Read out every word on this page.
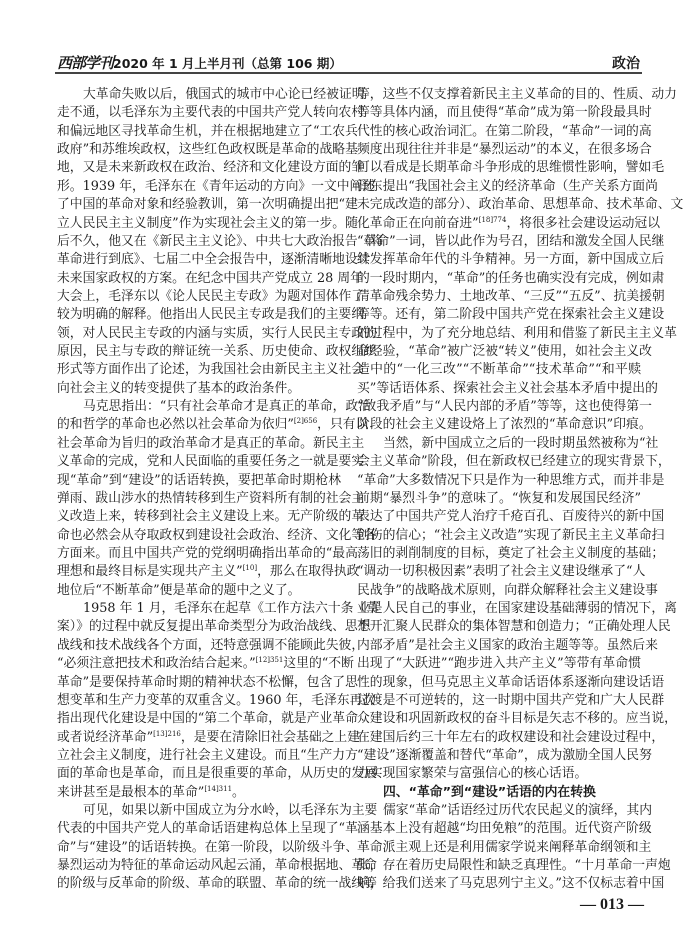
西部学刊 2020 年 1 月上半月刊（总第 106 期）	政治
大革命失败以后，俄国式的城市中心论已经被证明
走不通，以毛泽东为主要代表的中国共产党人转向农村
和偏远地区寻找革命生机，并在根据地建立了“工农兵
政府”和苏维埃政权，这些红色政权既是革命的战略基
地，又是未来新政权在政治、经济和文化建设方面的雏
形。1939 年，毛泽东在《青年运动的方向》一文中阐述
了中国的革命对象和经验教训，第一次明确提出把“建
立人民民主主义制度”作为实现社会主义的第一步。随
后不久，他又在《新民主主义论》、中共七大政治报告《将
革命进行到底》、七届二中全会报告中，逐渐清晰地设计
未来国家政权的方案。在纪念中国共产党成立 28 周年
大会上，毛泽东以《论人民民主专政》为题对国体作了
较为明确的解释。他指出人民民主专政是我们的主要纲
领，对人民民主专政的内涵与实质，实行人民民主专政的
原因，民主与专政的辩证统一关系、历史使命、政权组织
形式等方面作出了论述，为我国社会由新民主主义社会
向社会主义的转变提供了基本的政治条件。
马克思指出：“只有社会革命才是真正的革命，政治
的和哲学的革命也必然以社会革命为依归”$^{[2]656}$，只有以
社会革命为旨归的政治革命才是真正的革命。新民主主
义革命的完成，党和人民面临的重要任务之一就是要实
现“革命”到“建设”的话语转换，要把革命时期枪林
弹雨、跋山涉水的热情转移到生产资料所有制的社会主
义改造上来，转移到社会主义建设上来。无产阶级的革
命也必然会从夺取政权到建设社会政治、经济、文化等各
方面来。而且中国共产党的党纲明确指出革命的“最高
理想和最终目标是实现共产主义”[10]，那么在取得执政
地位后“不断革命”便是革命的题中之义了。
1958 年 1 月，毛泽东在起草《工作方法六十条（草
案）》的过程中就反复提出革命类型分为政治战线、思想
战线和技术战线各个方面，还特意强调不能顾此失彼，
“必须注意把技术和政治结合起来。”$^{[12]351}$这里的“不断
革命”是要保持革命时期的精神状态不松懈，包含了思
想变革和生产力变革的双重含义。1960 年，毛泽东再次
指出现代化建设是中国的“第二个革命，就是产业革命
或者说经济革命”$^{[13]216}$，是要在清除旧社会基础之上建
立社会主义制度，进行社会主义建设。而且“生产力方
面的革命也是革命，而且是很重要的革命，从历史的发展
来讲甚至是最根本的革命”$^{[14]311}$。
可见，如果以新中国成立为分水岭，以毛泽东为主要
代表的中国共产党人的革命话语建构总体上呈现了“革
命”与“建设”的话语转换。在第一阶段，以阶级斗争、
暴烈运动为特征的革命运动风起云涌，革命根据地、革命
的阶级与反革命的阶级、革命的联盟、革命的统一战线等
等，这些不仅支撑着新民主主义革命的目的、性质、动力
等等具体内涵，而且使得“革命”成为第一阶段最具时
代性的核心政治词汇。在第二阶段，“革命”一词的高
频度出现往往并非是“暴烈运动”的本义，在很多场合
可以看成是长期革命斗争形成的思维惯性影响，譬如毛
泽东提出“我国社会主义的经济革命（生产关系方面尚
未完成改造的部分）、政治革命、思想革命、技术革命、文
化革命正在向前奋进”$^{[18]774}$，将很多社会建设运动冠以
“革命”一词，皆以此作为号召，团结和激发全国人民继
续发挥革命年代的斗争精神。另一方面，新中国成立后
的一段时期内，“革命”的任务也确实没有完成，例如肃
清革命残余势力、土地改革、“三反”“五反”、抗美援朝
等等。还有，第二阶段中国共产党在探索社会主义建设
的过程中，为了充分地总结、利用和借鉴了新民主主义革
命经验，“革命”被广泛被“转义”使用，如社会主义改
造中的“一化三改”“不断革命”“技术革命”“和平赎
买”等话语体系、探索社会主义社会基本矛盾中提出的
“敌我矛盾”与“人民内部的矛盾”等等，这也使得第一
阶段的社会主义建设烙上了浓烈的“革命意识”印痕。
当然，新中国成立之后的一段时期虽然被称为“社
会主义革命”阶段，但在新政权已经建立的现实背景下，
“革命”大多数情况下只是作为一种思维方式，而并非是
前期“暴烈斗争”的意味了。“恢复和发展国民经济”
表达了中国共产党人治疗千疮百孔、百废待兴的新中国
创伤的信心；“社会主义改造”实现了新民主主义革命扫
荡旧的剥削制度的目标，奠定了社会主义制度的基础；
“调动一切积极因素”表明了社会主义建设继承了“人
民战争”的战略战术原则，向群众解释社会主义建设事
业是人民自己的事业，在国家建设基础薄弱的情况下，离
不开汇聚人民群众的集体智慧和创造力；“正确处理人民
内部矛盾”是社会主义国家的政治主题等等。虽然后来
出现了“大跃进”“跑步进入共产主义”等带有革命惯
性的现象，但马克思主义革命话语体系逐渐向建设话语
过渡是不可逆转的，这一时期中国共产党和广大人民群
众建设和巩固新政权的奋斗目标是矢志不移的。应当说，
在建国后约三十年左右的政权建设和社会建设过程中，
“建设”逐渐覆盖和替代“革命”，成为激励全国人民努
力实现国家繁荣与富强信心的核心话语。
四、“革命”到“建设”话语的内在转换
儒家“革命”话语经过历代农民起义的演绎，其内
涵基本上没有超越“均田免粮”的范围。近代资产阶级
革命派主观上还是利用儒家学说来阐释革命纲领和主
张，存在着历史局限性和缺乏真理性。“十月革命一声炮
响，给我们送来了马克思列宁主义。”这不仅标志着中国
— 013 —
